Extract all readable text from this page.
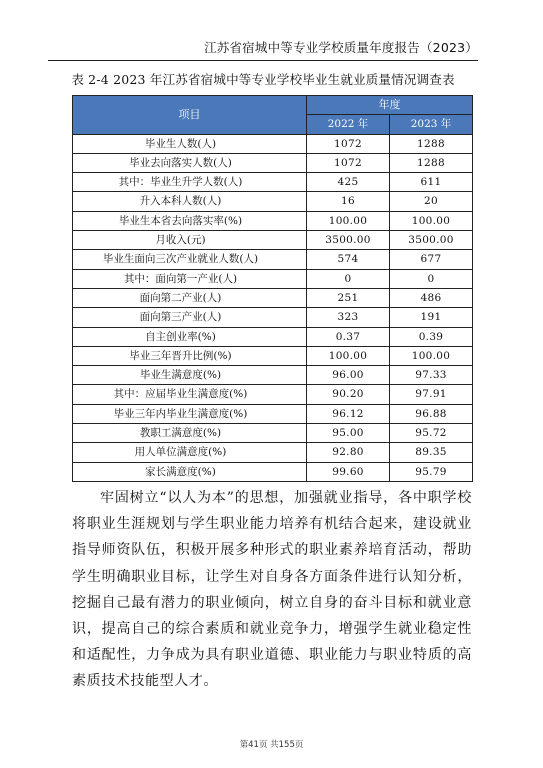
江苏省宿城中等专业学校质量年度报告（2023）
表 2-4 2023 年江苏省宿城中等专业学校毕业生就业质量情况调查表
项目	年度	
	2022 年	2023 年
毕业生人数(人)	1072	1288
毕业去向落实人数(人)	1072	1288
其中：毕业生升学人数(人)	425	611
升入本科人数(人)	16	20
毕业生本省去向落实率(%)	100.00	100.00
月收入(元)	3500.00	3500.00
毕业生面向三次产业就业人数(人)	574	677
其中：面向第一产业(人)	0	0
面向第二产业(人)	251	486
面向第三产业(人)	323	191
自主创业率(%)	0.37	0.39
毕业三年晋升比例(%)	100.00	100.00
毕业生满意度(%)	96.00	97.33
其中：应届毕业生满意度(%)	90.20	97.91
毕业三年内毕业生满意度(%)	96.12	96.88
教职工满意度(%)	95.00	95.72
用人单位满意度(%)	92.80	89.35
家长满意度(%)	99.60	95.79

牢固树立“以人为本”的思想，加强就业指导，各中职学校将职业生涯规划与学生职业能力培养有机结合起来，建设就业指导师资队伍，积极开展多种形式的职业素养培育活动，帮助学生明确职业目标，让学生对自身各方面条件进行认知分析，挖掘自己最有潜力的职业倾向，树立自身的奋斗目标和就业意识，提高自己的综合素质和就业竞争力，增强学生就业稳定性和适配性，力争成为具有职业道德、职业能力与职业特质的高素质技术技能型人才。

第41页 共155页
